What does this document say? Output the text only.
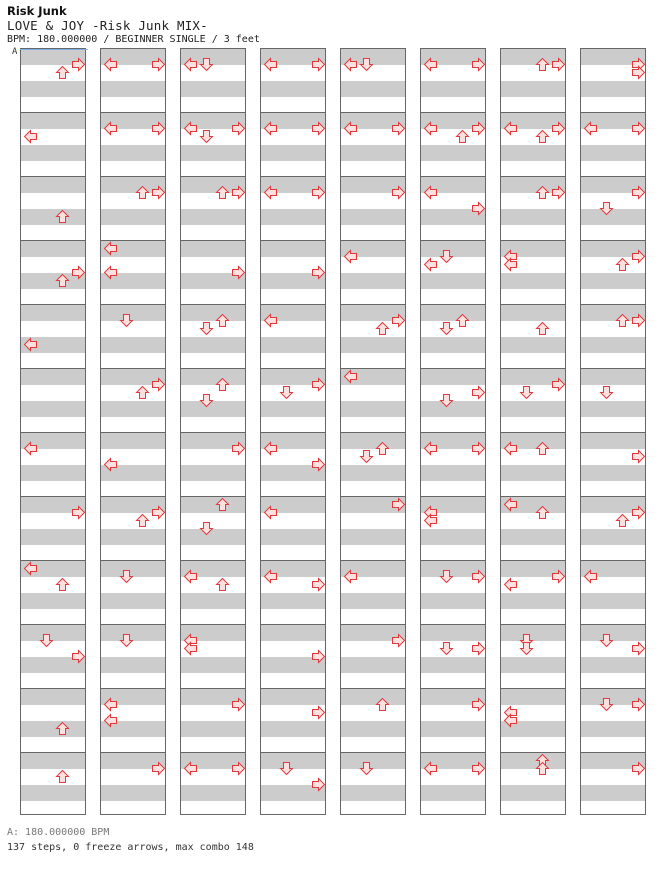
Risk Junk
LOVE & JOY -Risk Junk MIX-
BPM: 180.000000 / BEGINNER SINGLE / 3 feet
A
A: 180.000000 BPM
137 steps, 0 freeze arrows, max combo 148
